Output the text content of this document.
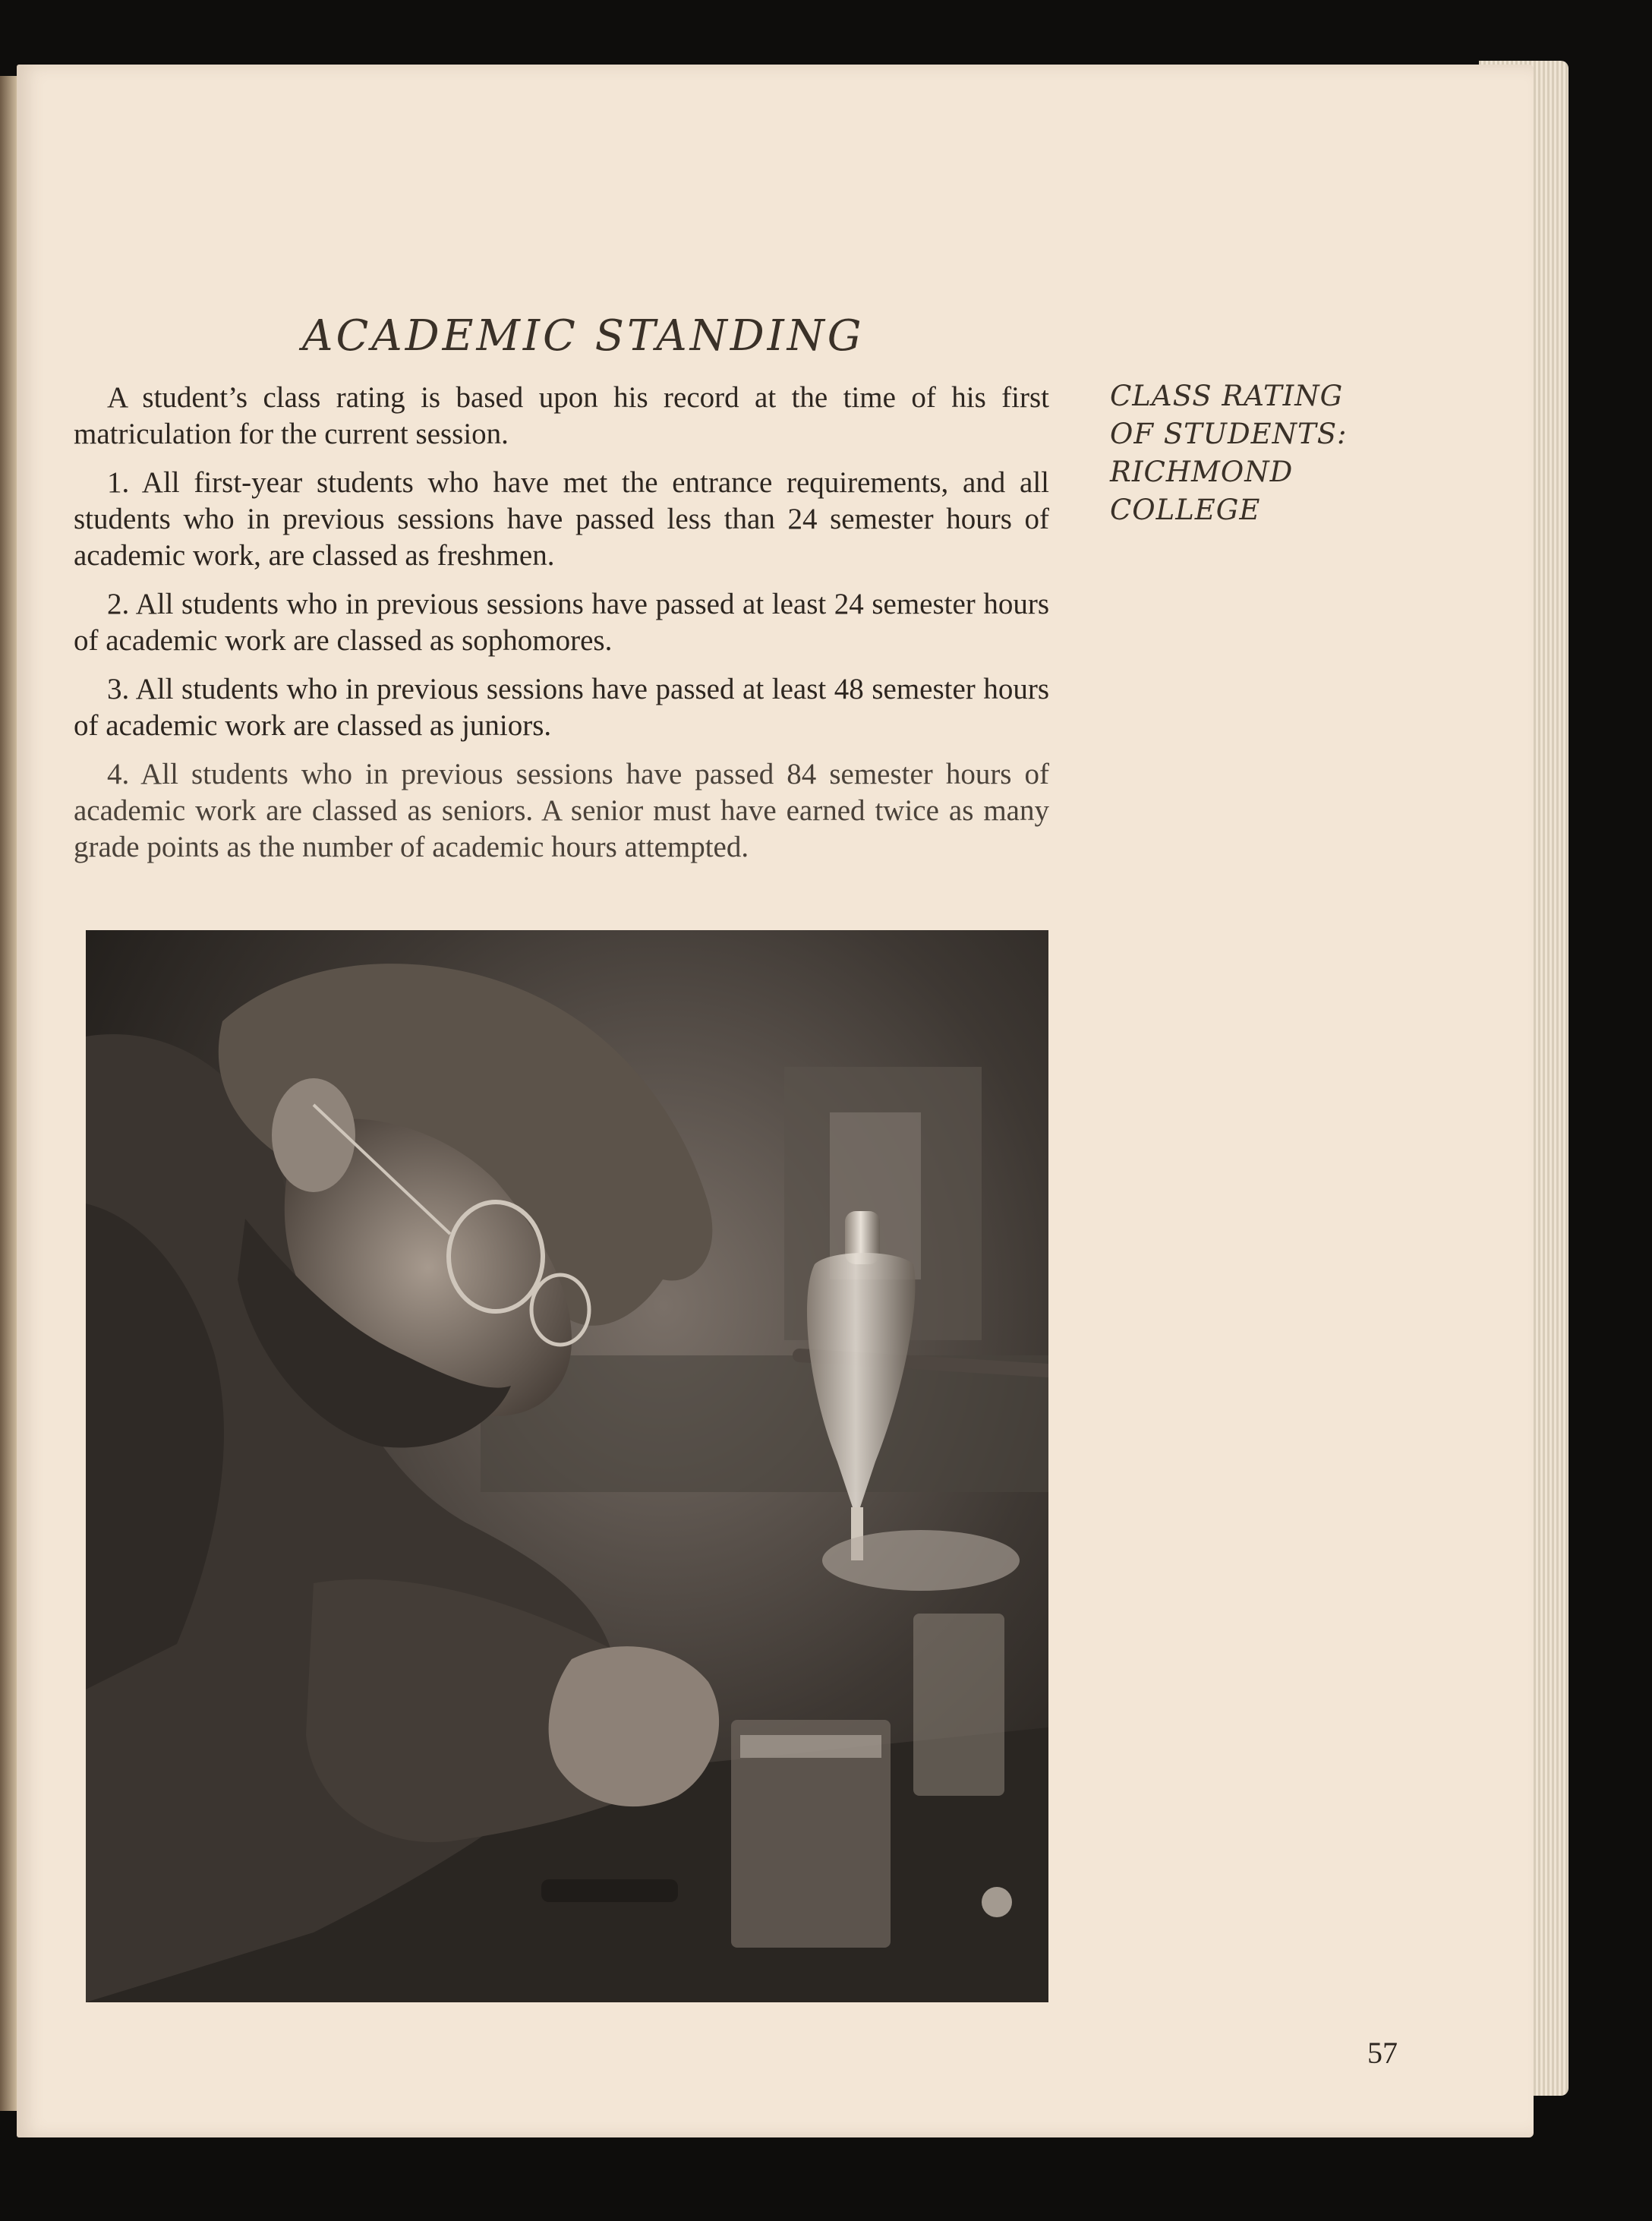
ACADEMIC STANDING

A student’s class rating is based upon his record at the time of his first matriculation for the current session.

1. All first-year students who have met the entrance requirements, and all students who in previous sessions have passed less than 24 semester hours of academic work, are classed as freshmen.

2. All students who in previous sessions have passed at least 24 semester hours of academic work are classed as sophomores.

3. All students who in previous sessions have passed at least 48 semester hours of academic work are classed as juniors.

4. All students who in previous sessions have passed 84 semester hours of academic work are classed as seniors. A senior must have earned twice as many grade points as the number of academic hours attempted.

CLASS RATING
OF STUDENTS:
RICHMOND
COLLEGE
57
